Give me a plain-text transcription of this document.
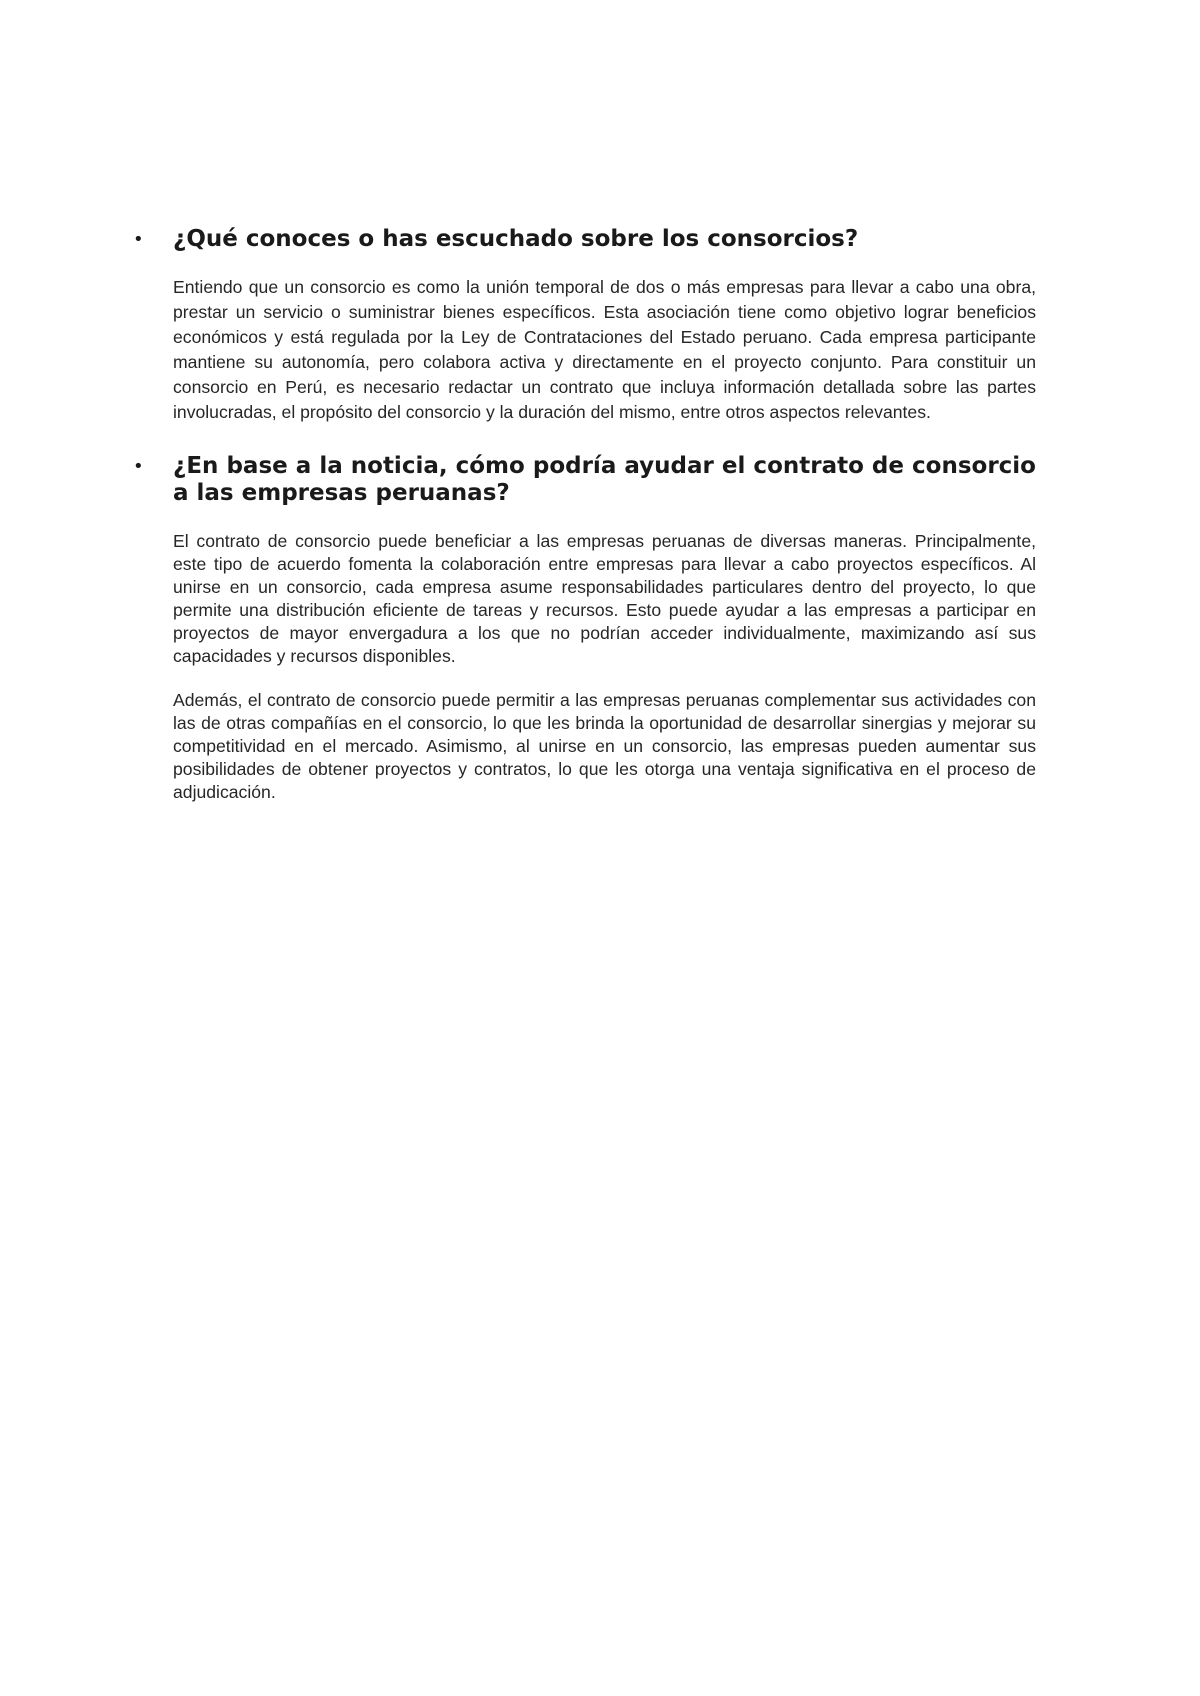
• ¿Qué conoces o has escuchado sobre los consorcios?

Entiendo que un consorcio es como la unión temporal de dos o más empresas para llevar a cabo una obra, prestar un servicio o suministrar bienes específicos. Esta asociación tiene como objetivo lograr beneficios económicos y está regulada por la Ley de Contrataciones del Estado peruano. Cada empresa participante mantiene su autonomía, pero colabora activa y directamente en el proyecto conjunto. Para constituir un consorcio en Perú, es necesario redactar un contrato que incluya información detallada sobre las partes involucradas, el propósito del consorcio y la duración del mismo, entre otros aspectos relevantes.

• ¿En base a la noticia, cómo podría ayudar el contrato de consorcio a las empresas peruanas?

El contrato de consorcio puede beneficiar a las empresas peruanas de diversas maneras. Principalmente, este tipo de acuerdo fomenta la colaboración entre empresas para llevar a cabo proyectos específicos. Al unirse en un consorcio, cada empresa asume responsabilidades particulares dentro del proyecto, lo que permite una distribución eficiente de tareas y recursos. Esto puede ayudar a las empresas a participar en proyectos de mayor envergadura a los que no podrían acceder individualmente, maximizando así sus capacidades y recursos disponibles.

Además, el contrato de consorcio puede permitir a las empresas peruanas complementar sus actividades con las de otras compañías en el consorcio, lo que les brinda la oportunidad de desarrollar sinergias y mejorar su competitividad en el mercado. Asimismo, al unirse en un consorcio, las empresas pueden aumentar sus posibilidades de obtener proyectos y contratos, lo que les otorga una ventaja significativa en el proceso de adjudicación.
